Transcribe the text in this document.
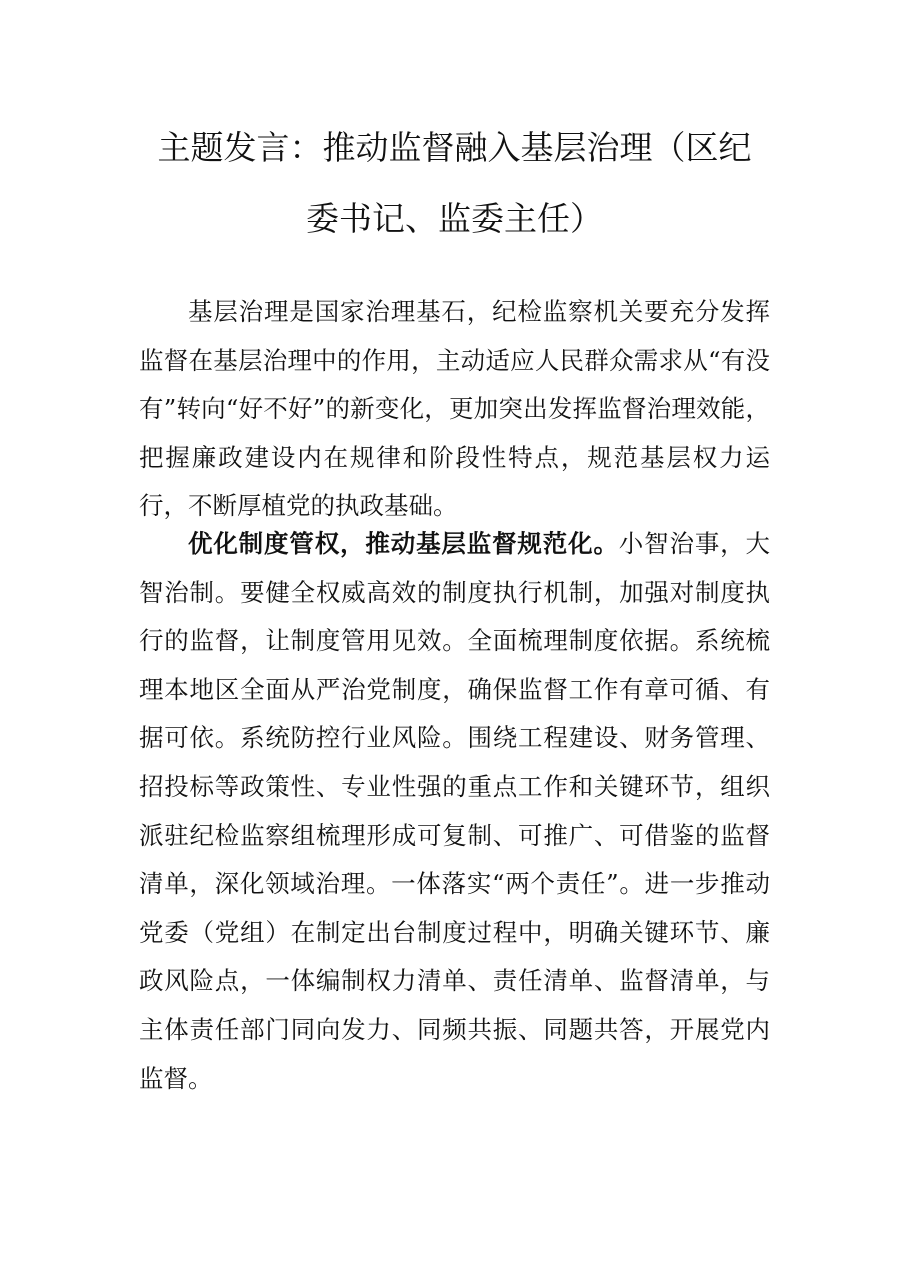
主题发言：推动监督融入基层治理（区纪
委书记、监委主任）

基层治理是国家治理基石，纪检监察机关要充分发挥监督在基层治理中的作用，主动适应人民群众需求从“有没有”转向“好不好”的新变化，更加突出发挥监督治理效能，把握廉政建设内在规律和阶段性特点，规范基层权力运行，不断厚植党的执政基础。

优化制度管权，推动基层监督规范化。小智治事，大智治制。要健全权威高效的制度执行机制，加强对制度执行的监督，让制度管用见效。全面梳理制度依据。系统梳理本地区全面从严治党制度，确保监督工作有章可循、有据可依。系统防控行业风险。围绕工程建设、财务管理、招投标等政策性、专业性强的重点工作和关键环节，组织派驻纪检监察组梳理形成可复制、可推广、可借鉴的监督清单，深化领域治理。一体落实“两个责任”。进一步推动党委（党组）在制定出台制度过程中，明确关键环节、廉政风险点，一体编制权力清单、责任清单、监督清单，与主体责任部门同向发力、同频共振、同题共答，开展党内监督。
